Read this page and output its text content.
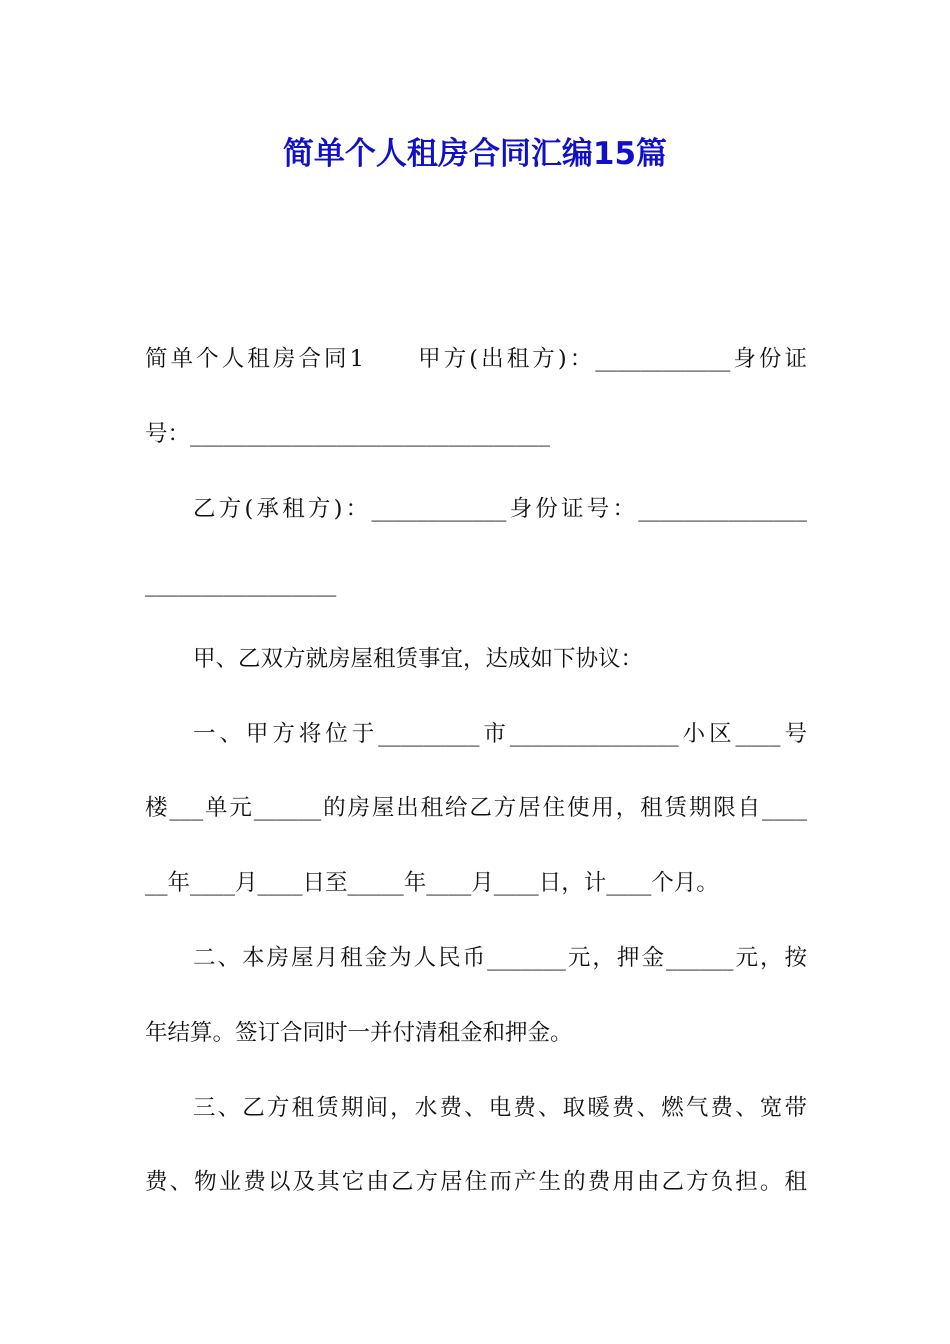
简单个人租房合同汇编15篇
简单个人租房合同1　　甲方(出租方)：____________身份证
号：________________________________
乙方(承租方)：____________身份证号：_______________
_________________
甲、乙双方就房屋租赁事宜，达成如下协议：
一、甲方将位于_________市_______________小区____号
楼___单元______的房屋出租给乙方居住使用，租赁期限自____
__年____月____日至_____年____月____日，计____个月。
二、本房屋月租金为人民币_______元，押金______元，按
年结算。签订合同时一并付清租金和押金。
三、乙方租赁期间，水费、电费、取暖费、燃气费、宽带
费、物业费以及其它由乙方居住而产生的费用由乙方负担。租
